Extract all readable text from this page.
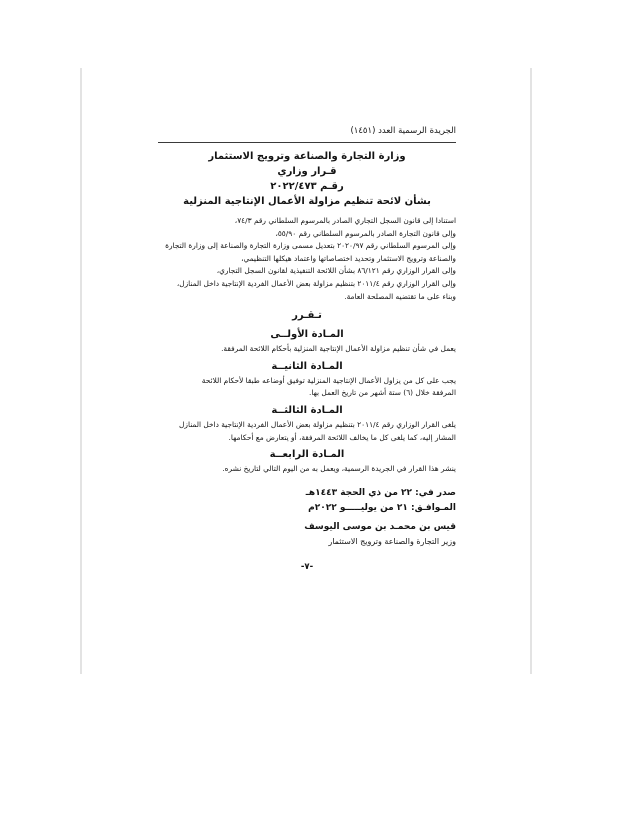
الجريدة الرسمية العدد (١٤٥١)
وزارة التجارة والصناعة وترويج الاستثمار
قـرار وزاري
رقـم ٢٠٢٢/٤٧٣
بشأن لائحة تنظيم مزاولة الأعمال الإنتاجية المنزلية
استنادا إلى قانون السجل التجاري الصادر بالمرسوم السلطاني رقم ٧٤/٣،
وإلى قانون التجارة الصادر بالمرسوم السلطاني رقم ٥٥/٩٠،
وإلى المرسوم السلطاني رقم ٢٠٢٠/٩٧ بتعديل مسمى وزارة التجارة والصناعة إلى وزارة التجارة
والصناعة وترويج الاستثمار وتحديد اختصاصاتها واعتماد هيكلها التنظيمي،
وإلى القرار الوزاري رقم ٨٦/١٢١ بشأن اللائحة التنفيذية لقانون السجل التجاري،
وإلى القرار الوزاري رقم ٢٠١١/٤ بتنظيم مزاولة بعض الأعمال الفردية الإنتاجية داخل المنازل،
وبناء على ما تقتضيه المصلحة العامة.
تـقـرر
المـادة الأولــى
يعمل في شأن تنظيم مزاولة الأعمال الإنتاجية المنزلية بأحكام اللائحة المرفقة.
المـادة الثانيــة
يجب على كل من يزاول الأعمال الإنتاجية المنزلية توفيق أوضاعه طبقا لأحكام اللائحة
المرفقة خلال (٦) ستة أشهر من تاريخ العمل بها.
المـادة الثالثــة
يلغى القرار الوزاري رقم ٢٠١١/٤ بتنظيم مزاولة بعض الأعمال الفردية الإنتاجية داخل المنازل
المشار إليه، كما يلغى كل ما يخالف اللائحة المرفقة، أو يتعارض مع أحكامها.
المـادة الرابعــة
ينشر هذا القرار في الجريدة الرسمية، ويعمل به من اليوم التالي لتاريخ نشره.
صدر في: ٢٢ من ذي الحجة ١٤٤٣هـ
المـوافـق: ٢١ من يوليـــــو ٢٠٢٢م
قيس بن محمـد بن موسى اليوسف
وزير التجارة والصناعة وترويج الاستثمار
-٧-
